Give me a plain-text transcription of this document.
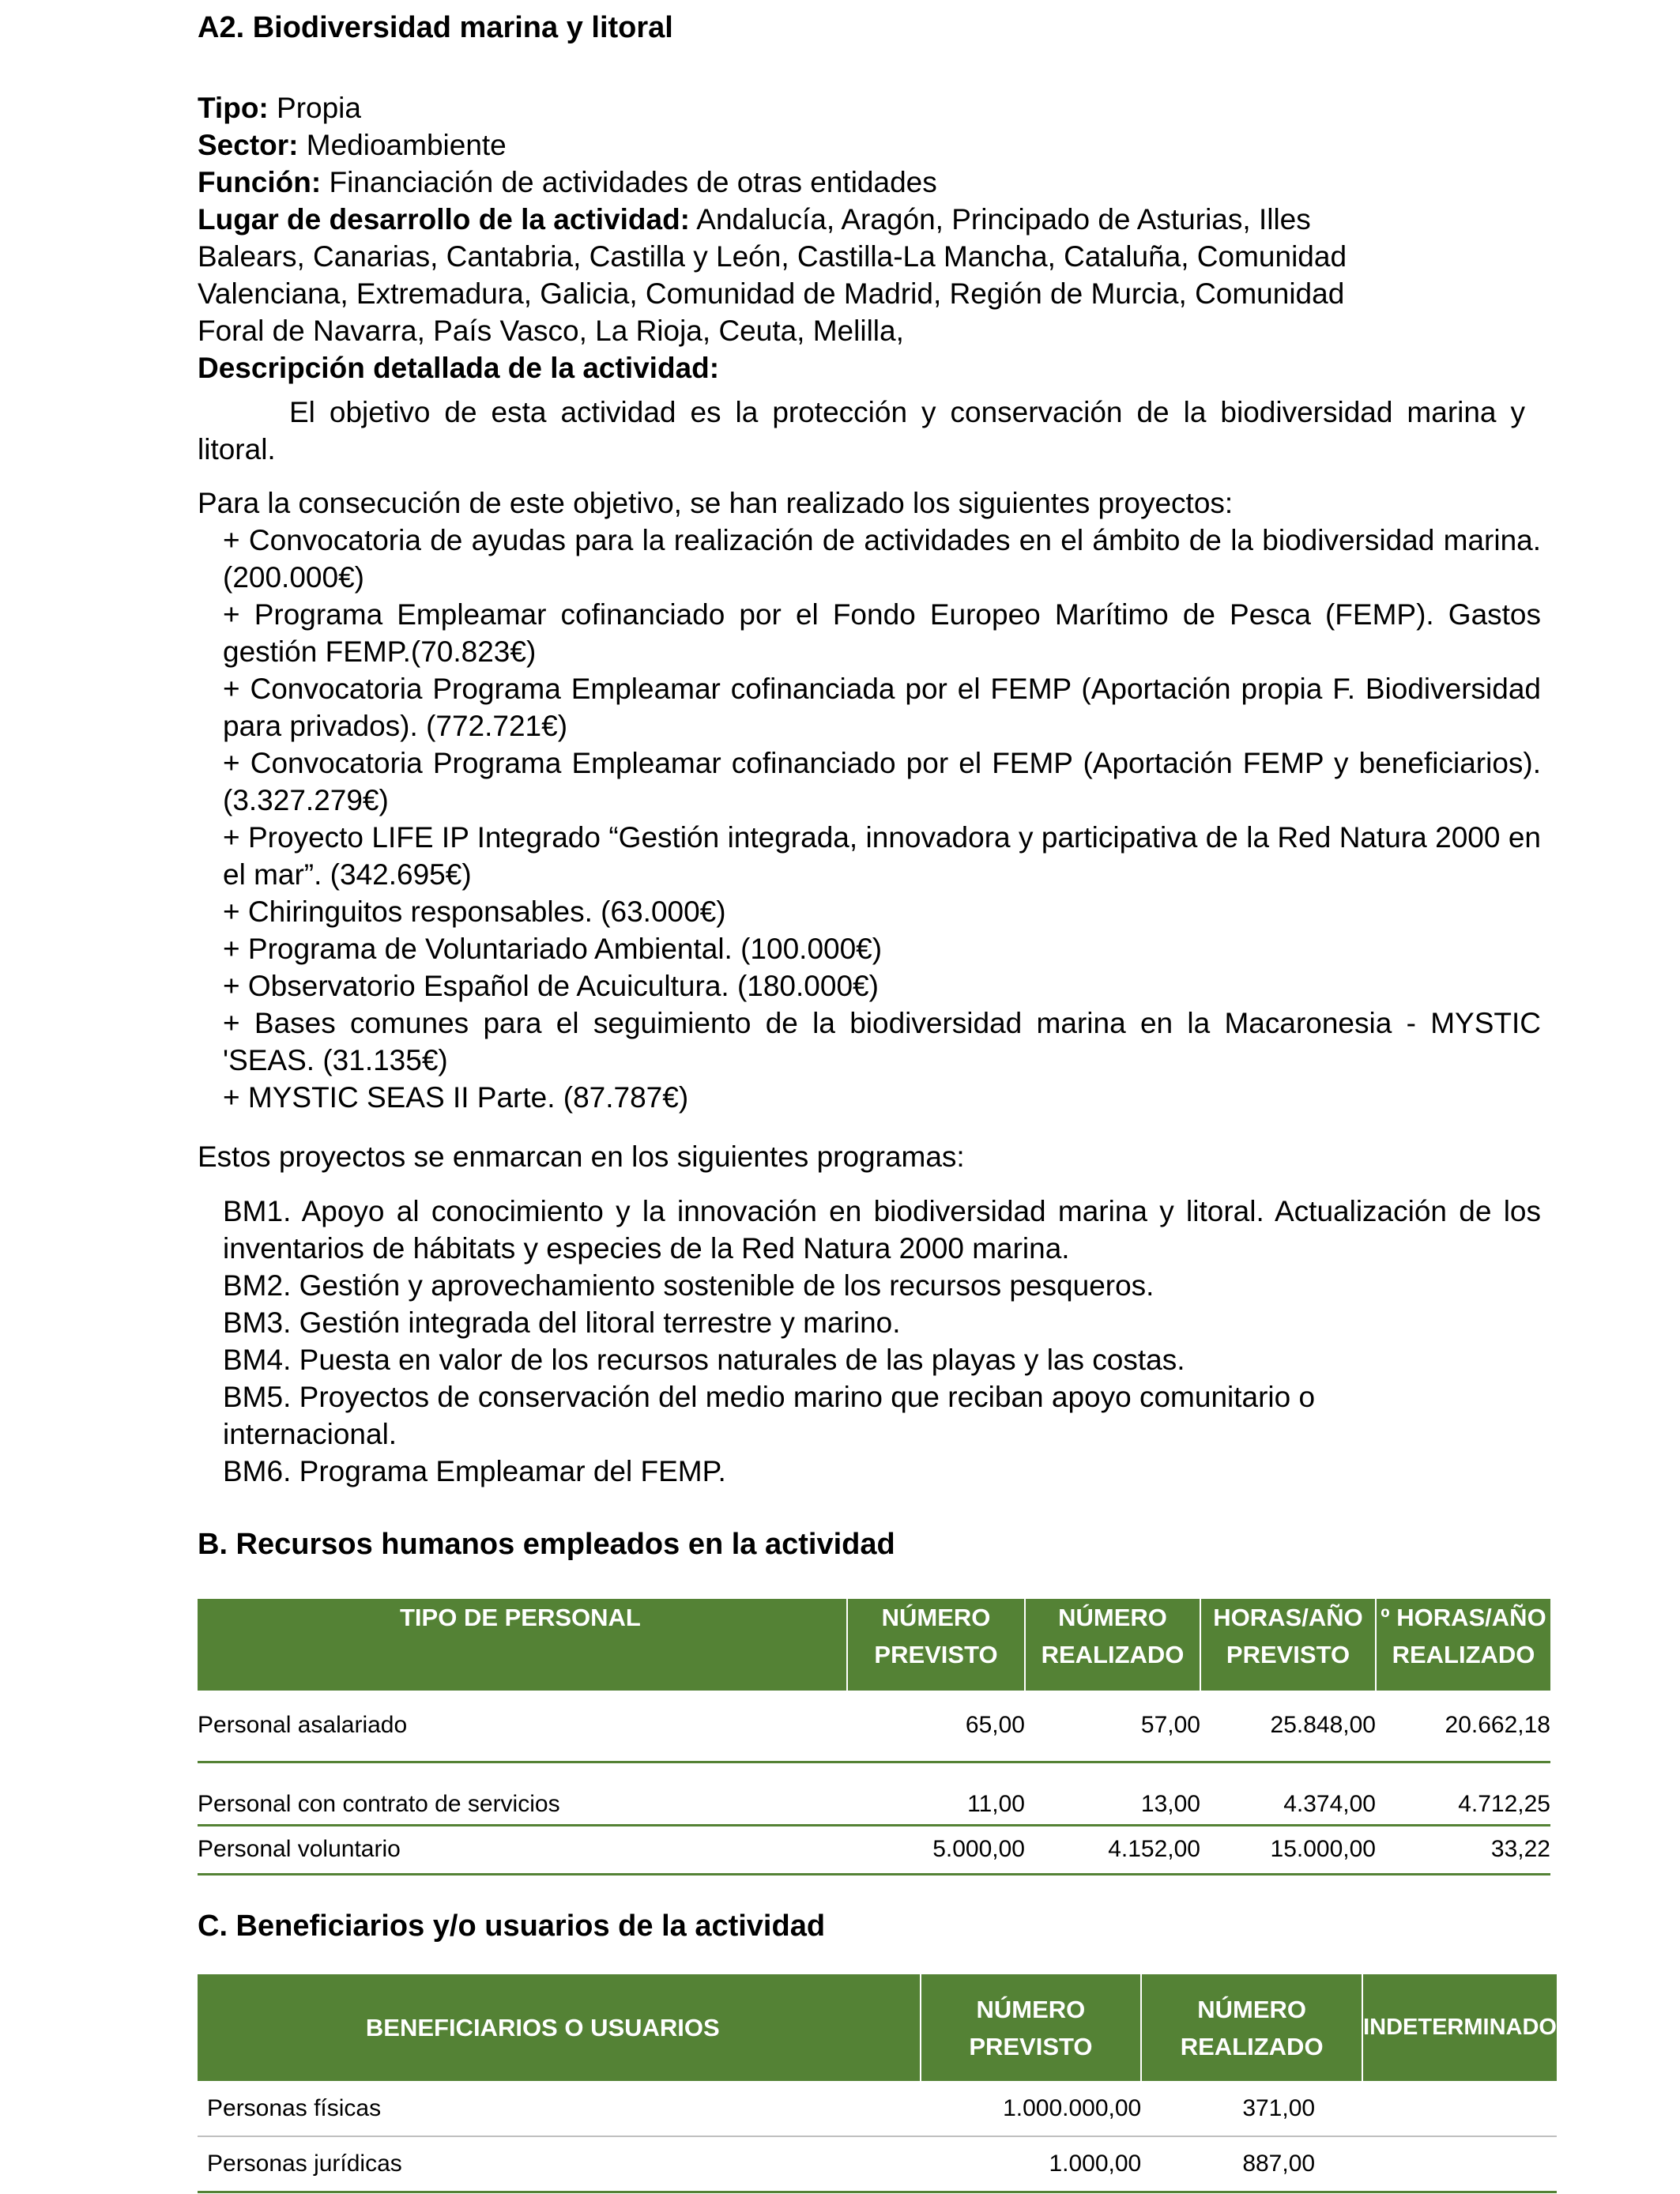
A2. Biodiversidad marina y litoral
Tipo: Propia
Sector: Medioambiente
Función: Financiación de actividades de otras entidades
Lugar de desarrollo de la actividad: Andalucía, Aragón, Principado de Asturias, Illes
Balears, Canarias, Cantabria, Castilla y León, Castilla-La Mancha, Cataluña, Comunidad
Valenciana, Extremadura, Galicia, Comunidad de Madrid, Región de Murcia, Comunidad
Foral de Navarra, País Vasco, La Rioja, Ceuta, Melilla,
Descripción detallada de la actividad:
El objetivo de esta actividad es la protección y conservación de la biodiversidad marina y litoral.
Para la consecución de este objetivo, se han realizado los siguientes proyectos:
+ Convocatoria de ayudas para la realización de actividades en el ámbito de la biodiversidad marina. (200.000€)
+ Programa Empleamar cofinanciado por el Fondo Europeo Marítimo de Pesca (FEMP). Gastos gestión FEMP.(70.823€)
+ Convocatoria Programa Empleamar cofinanciada por el FEMP (Aportación propia F. Biodiversidad para privados). (772.721€)
+ Convocatoria Programa Empleamar cofinanciado por el FEMP (Aportación FEMP y beneficiarios). (3.327.279€)
+ Proyecto LIFE IP Integrado “Gestión integrada, innovadora y participativa de la Red Natura 2000 en el mar”. (342.695€)
+ Chiringuitos responsables. (63.000€)
+ Programa de Voluntariado Ambiental. (100.000€)
+ Observatorio Español de Acuicultura. (180.000€)
+ Bases comunes para el seguimiento de la biodiversidad marina en la Macaronesia - MYSTIC 'SEAS. (31.135€)
+ MYSTIC SEAS II Parte. (87.787€)
Estos proyectos se enmarcan en los siguientes programas:
BM1. Apoyo al conocimiento y la innovación en biodiversidad marina y litoral. Actualización de los inventarios de hábitats y especies de la Red Natura 2000 marina.
BM2. Gestión y aprovechamiento sostenible de los recursos pesqueros.
BM3. Gestión integrada del litoral terrestre y marino.
BM4. Puesta en valor de los recursos naturales de las playas y las costas.
BM5. Proyectos de conservación del medio marino que reciban apoyo comunitario o internacional.
BM6. Programa Empleamar del FEMP.
B. Recursos humanos empleados en la actividad
TIPO DE PERSONAL	NÚMERO PREVISTO	NÚMERO REALIZADO	HORAS/AÑO PREVISTO	º HORAS/AÑO REALIZADO
Personal asalariado	65,00	57,00	25.848,00	20.662,18
Personal con contrato de servicios	11,00	13,00	4.374,00	4.712,25
Personal voluntario	5.000,00	4.152,00	15.000,00	33,22
C. Beneficiarios y/o usuarios de la actividad
BENEFICIARIOS O USUARIOS	NÚMERO PREVISTO	NÚMERO REALIZADO	INDETERMINADO
Personas físicas	1.000.000,00	371,00	
Personas jurídicas	1.000,00	887,00	
